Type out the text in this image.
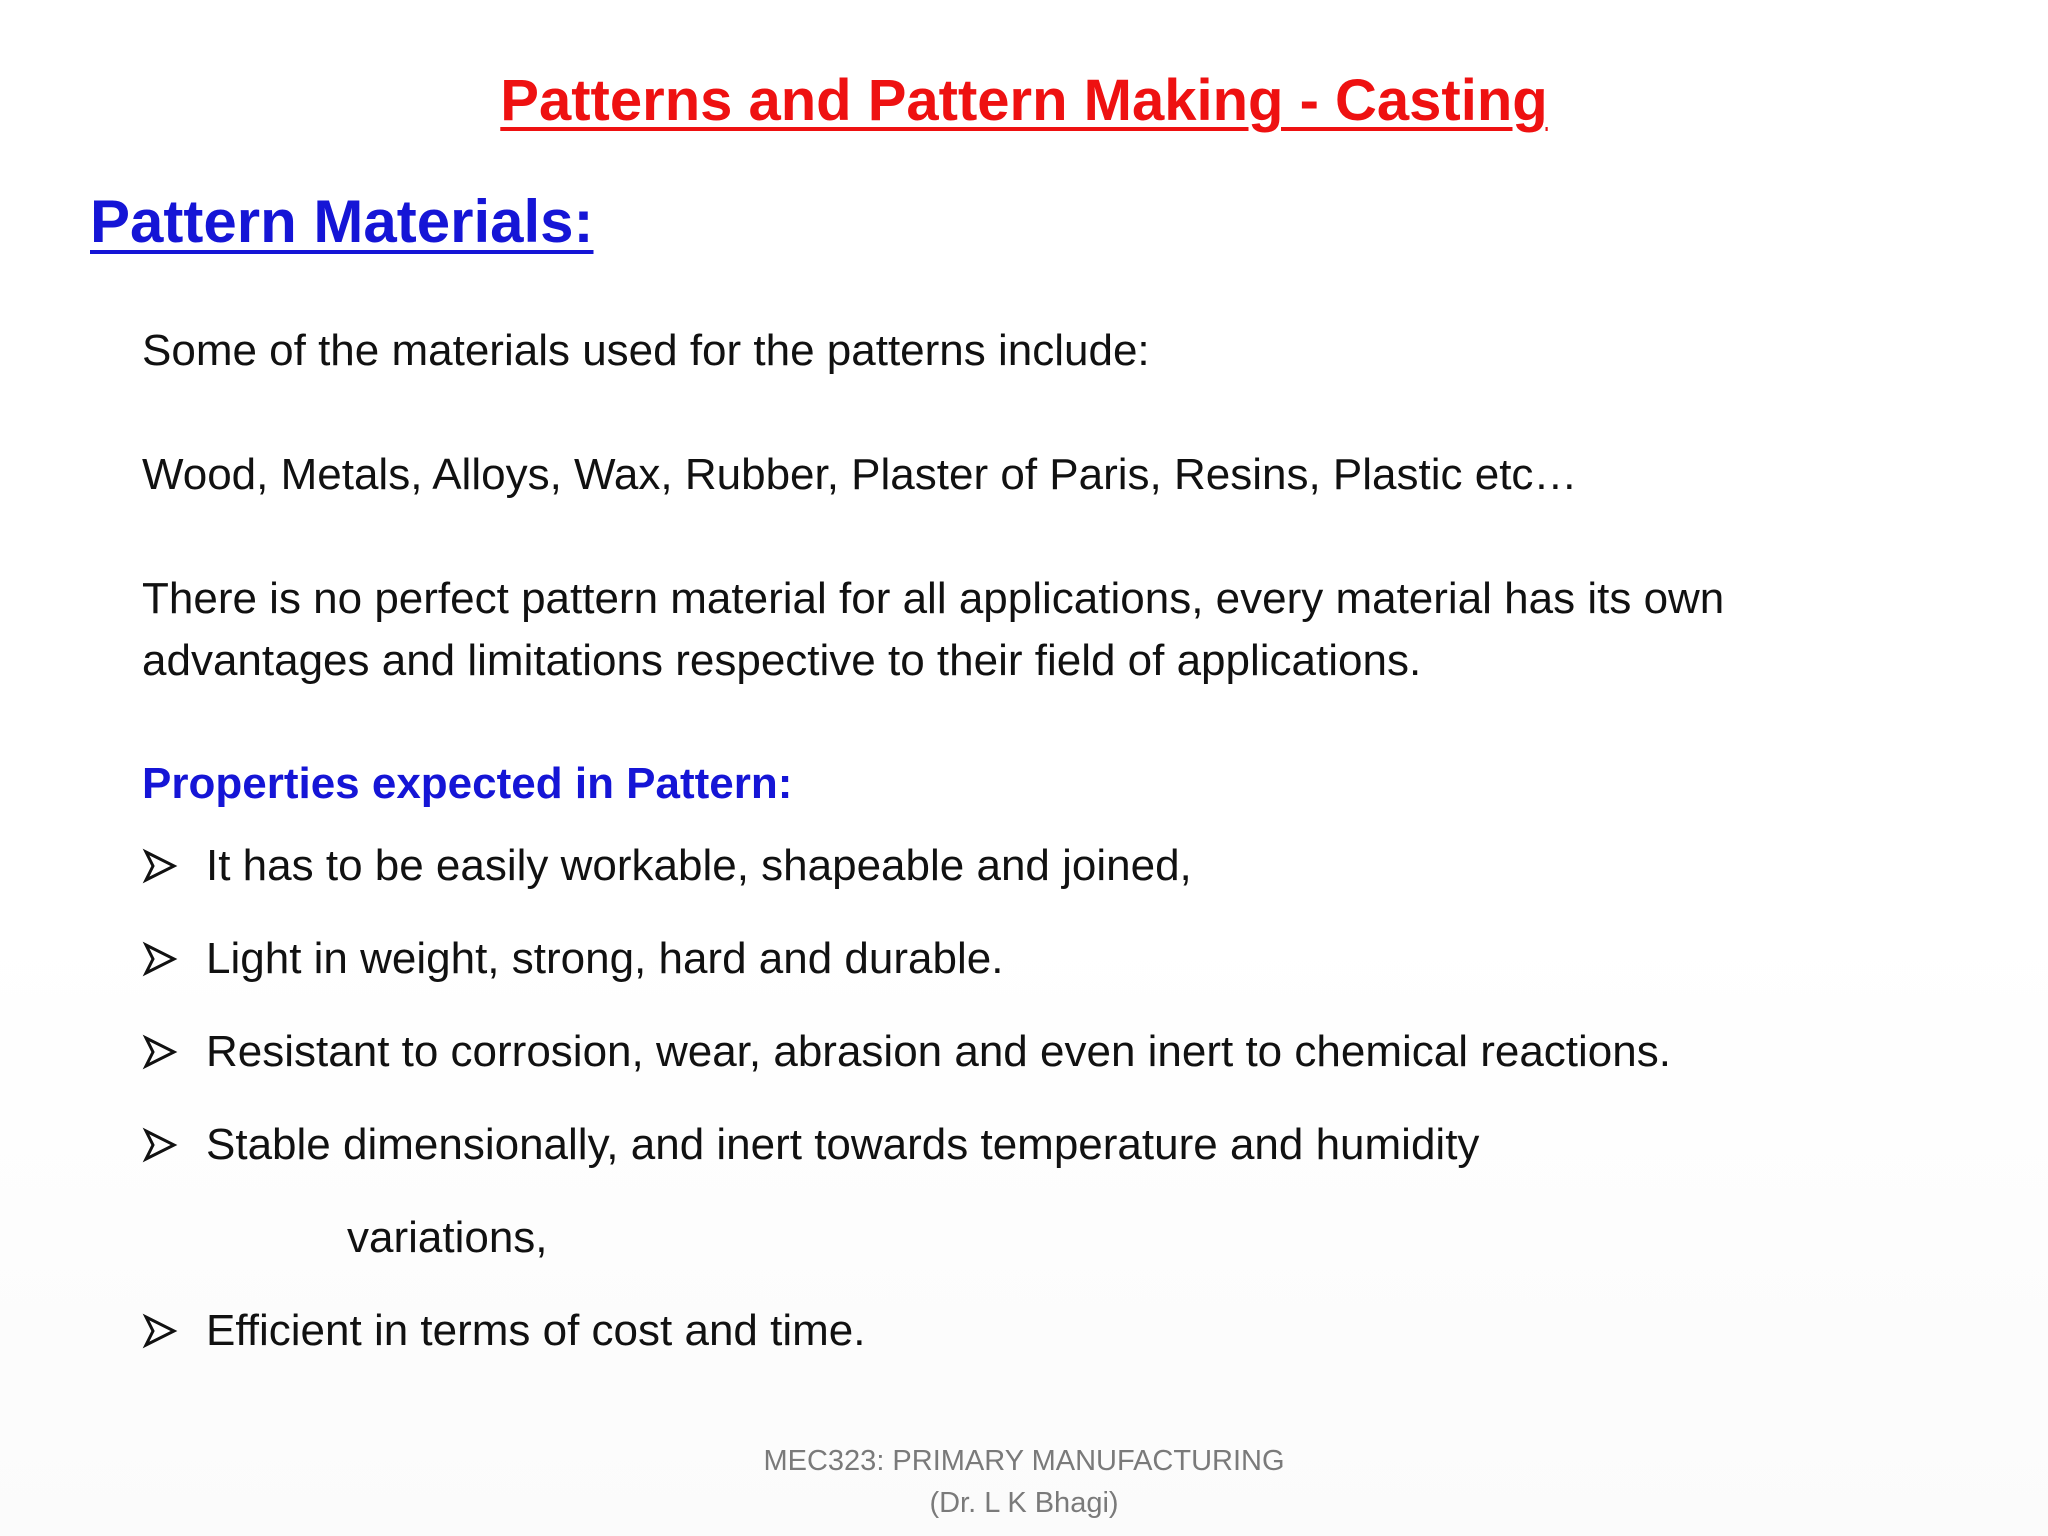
Patterns and Pattern Making - Casting
Pattern Materials:
Some of the materials used for the patterns include:
Wood, Metals, Alloys, Wax, Rubber, Plaster of Paris, Resins, Plastic etc…
There is no perfect pattern material for all applications, every material has its own advantages and limitations respective to their field of applications.
Properties expected in Pattern:
It has to be easily workable, shapeable and joined,
Light in weight, strong, hard and durable.
Resistant to corrosion, wear, abrasion and even inert to chemical reactions.
Stable dimensionally, and inert towards temperature and humidity
variations,
Efficient in terms of cost and time.
MEC323: PRIMARY MANUFACTURING
(Dr. L K Bhagi)
